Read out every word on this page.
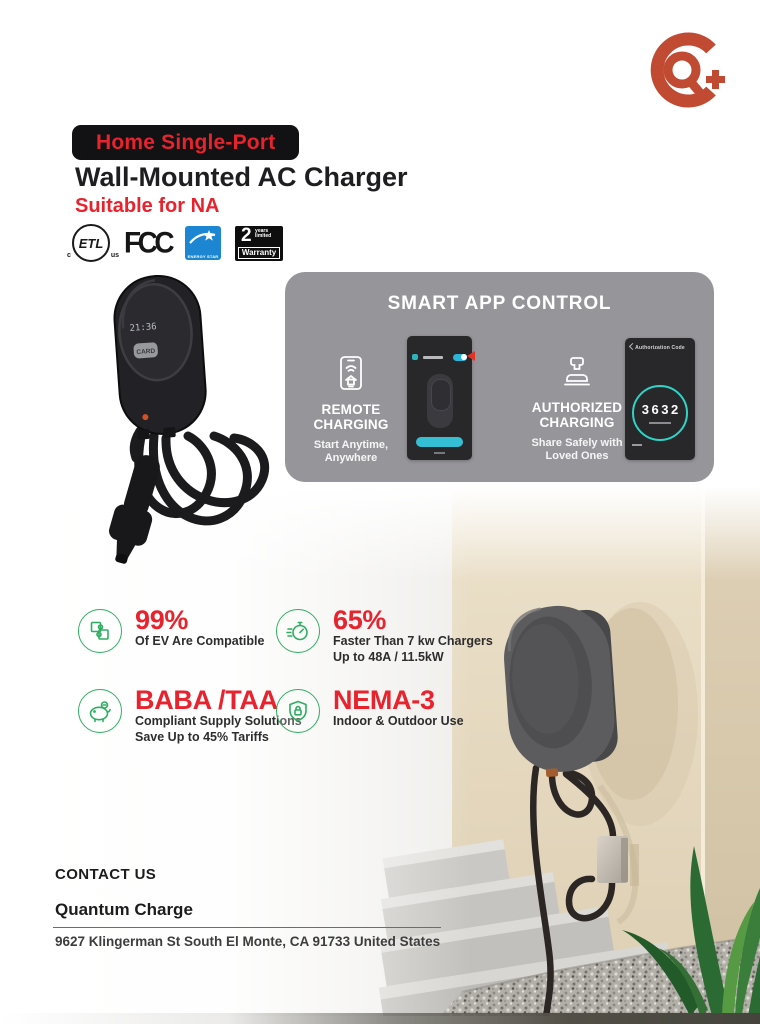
Home Single-Port
Wall-Mounted AC Charger
Suitable for NA
ETL
c	us FCC	ENERGY STAR
2 years
limited
Warranty
21:36
CARD
SMART APP CONTROL
REMOTE CHARGING
Start Anytime, Anywhere
AUTHORIZED CHARGING
Share Safely with Loved Ones
Authorization Code
3632
99%
Of EV Are Compatible
65%
Faster Than 7 kw Chargers
Up to 48A / 11.5kW
BABA /TAA
Compliant Supply Solutions
Save Up to 45% Tariffs
NEMA-3
Indoor & Outdoor Use
CONTACT US
Quantum Charge
9627 Klingerman St South El Monte, CA 91733 United States
